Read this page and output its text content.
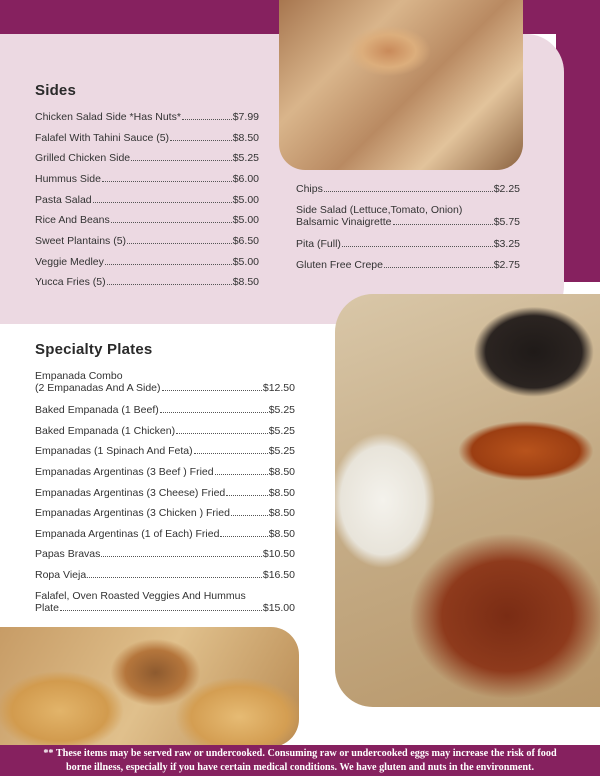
Sides
Chicken Salad Side *Has Nuts*	$7.99
Falafel With Tahini Sauce (5)	$8.50
Grilled Chicken Side	$5.25
Hummus Side	$6.00
Pasta Salad	$5.00
Rice And Beans	$5.00
Sweet Plantains (5)	$6.50
Veggie Medley	$5.00
Yucca Fries (5)	$8.50
Chips	$2.25
Side Salad (Lettuce,Tomato, Onion)
Balsamic Vinaigrette	$5.75
Pita (Full)	$3.25
Gluten Free Crepe	$2.75
Specialty Plates
Empanada Combo
(2 Empanadas And A Side)	$12.50
Baked Empanada (1 Beef)	$5.25
Baked Empanada (1 Chicken)	$5.25
Empanadas (1 Spinach And Feta)	$5.25
Empanadas Argentinas (3 Beef ) Fried	$8.50
Empanadas Argentinas (3 Cheese) Fried	$8.50
Empanadas Argentinas (3 Chicken ) Fried	$8.50
Empanada Argentinas (1 of Each) Fried	$8.50
Papas Bravas	$10.50
Ropa Vieja	$16.50
Falafel, Oven Roasted Veggies And Hummus
Plate	$15.00
** These items may be served raw or undercooked. Consuming raw or undercooked eggs may increase the risk of food
borne illness, especially if you have certain medical conditions. We have gluten and nuts in the environment.
